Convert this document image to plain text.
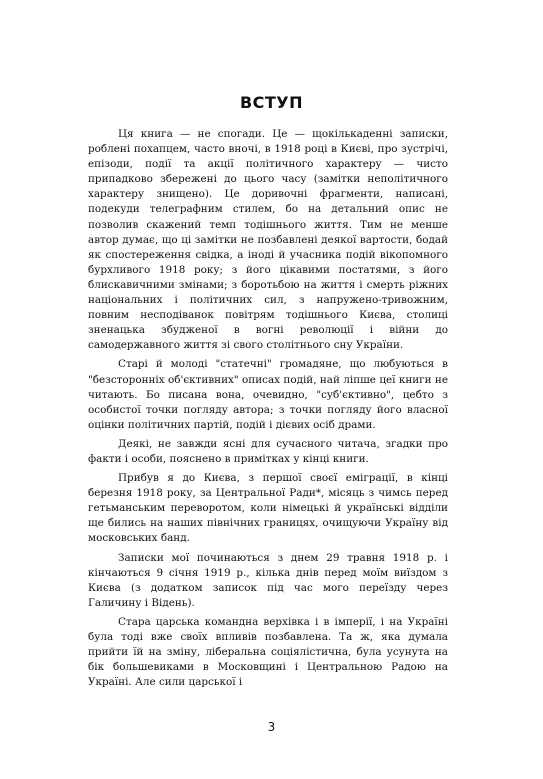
ВСТУП

Ця книга — не спогади. Це — щокількаденні записки, роблені похапцем, часто вночі, в 1918 році в Києві, про зустрічі, епізоди, події та акції політичного характеру — чисто припадково збережені до цього часу (замітки неполітичного характеру знищено). Це доривочні фрагменти, написані, подекуди телеграфним стилем, бо на детальний опис не позволив скажений темп тодішнього життя. Тим не менше автор думає, що ці замітки не позбавлені деякої вартости, бодай як спостереження свідка, а іноді й учасника подій вікопомного бурхливого 1918 року; з його цікавими постатями, з його блискавичними змінами; з боротьбою на життя і смерть ріжних національних і політичних сил, з напружено-тривожним, повним несподіванок повітрям тодішнього Києва, столиці зненацька збудженої в вогні революції і війни до самодержавного життя зі свого столітнього сну України.

Старі й молоді "статечні" громадяне, що любуються в "безсторонніх об'єктивних" описах подій, най ліпше цеї книги не читають. Бо писана вона, очевидно, "суб'єктивно", цебто з особистої точки погляду автора; з точки погляду його власної оцінки політичних партій, подій і дієвих осіб драми.

Деякі, не завжди ясні для сучасного читача, згадки про факти і особи, пояснено в примітках у кінці книги.

Прибув я до Києва, з першої своєї еміграції, в кінці березня 1918 року, за Центральної Ради*, місяць з чимсь перед гетьманським переворотом, коли німецькі й українські відділи ще бились на наших північних границях, очищуючи Україну від московських банд.

Записки мої починаються з днем 29 травня 1918 р. і кінчаються 9 січня 1919 р., кілька днів перед моїм виїздом з Києва (з додатком записок під час мого переїзду через Галичину і Відень).

Стара царська командна верхівка і в імперії, і на Україні була тоді вже своїх впливів позбавлена. Та ж, яка думала прийти їй на зміну, ліберальна соціялістична, була усунута на бік большевиками в Московщині і Центральною Радою на Україні. Але сили царської і

3
